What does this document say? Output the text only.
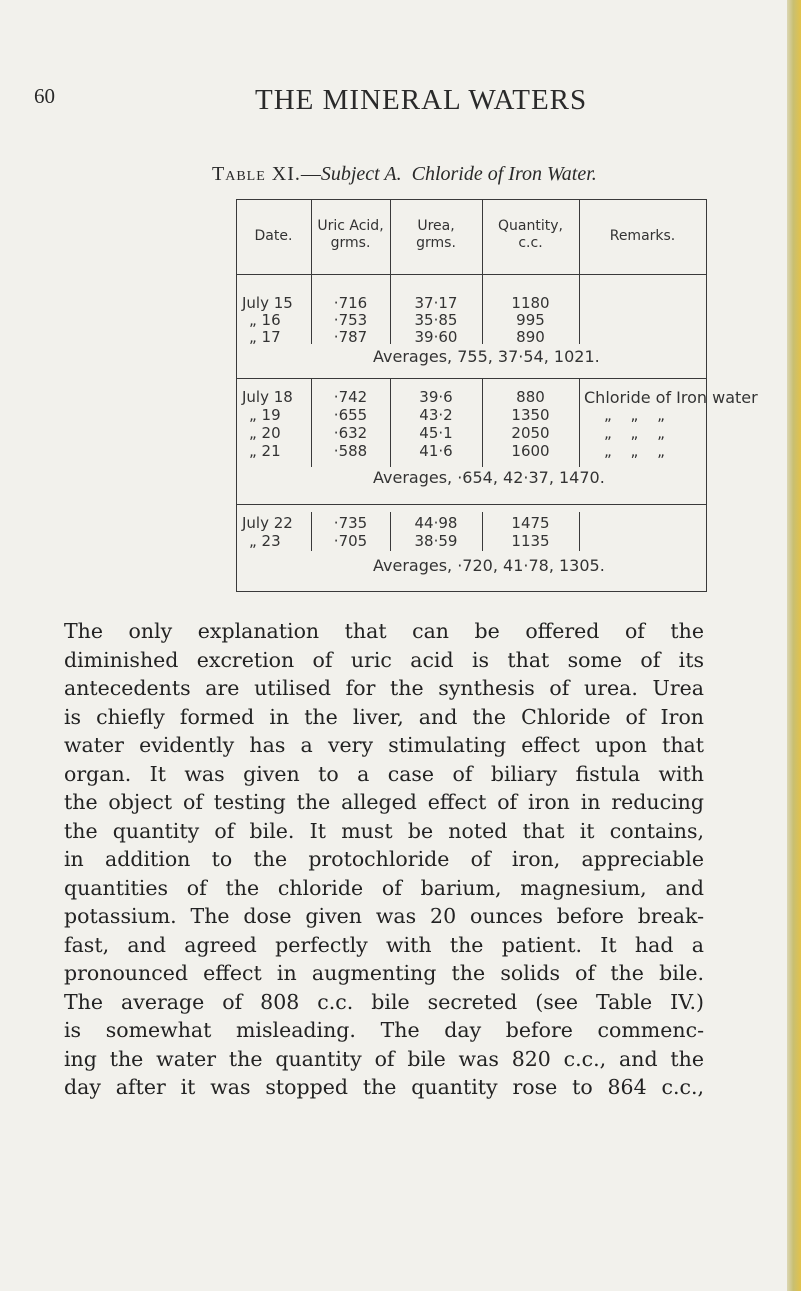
60	THE MINERAL WATERS
Table XI.—Subject A. Chloride of Iron Water.
Date.
Uric Acid,
grms.
Urea,
grms.
Quantity,
c.c.	Remarks.
July 15
„ 16
„ 17
·716
·753
·787
37·17
35·85
39·60
1180
995
890
Averages, 755, 37·54, 1021.
July 18
„ 19
„ 20
„ 21
·742
·655
·632
·588
39·6
43·2
45·1
41·6
880
1350
2050
1600
Chloride of Iron water
„ „ „
„ „ „
„ „ „
Averages, ·654, 42·37, 1470.
July 22
„ 23
·735
·705
44·98
38·59
1475
1135
Averages, ·720, 41·78, 1305.
The only explanation that can be offered of the
diminished excretion of uric acid is that some of its
antecedents are utilised for the synthesis of urea. Urea
is chiefly formed in the liver, and the Chloride of Iron
water evidently has a very stimulating effect upon that
organ. It was given to a case of biliary fistula with
the object of testing the alleged effect of iron in reducing
the quantity of bile. It must be noted that it contains,
in addition to the protochloride of iron, appreciable
quantities of the chloride of barium, magnesium, and
potassium. The dose given was 20 ounces before break-
fast, and agreed perfectly with the patient. It had a
pronounced effect in augmenting the solids of the bile.
The average of 808 c.c. bile secreted (see Table IV.)
is somewhat misleading. The day before commenc-
ing the water the quantity of bile was 820 c.c., and the
day after it was stopped the quantity rose to 864 c.c.,
